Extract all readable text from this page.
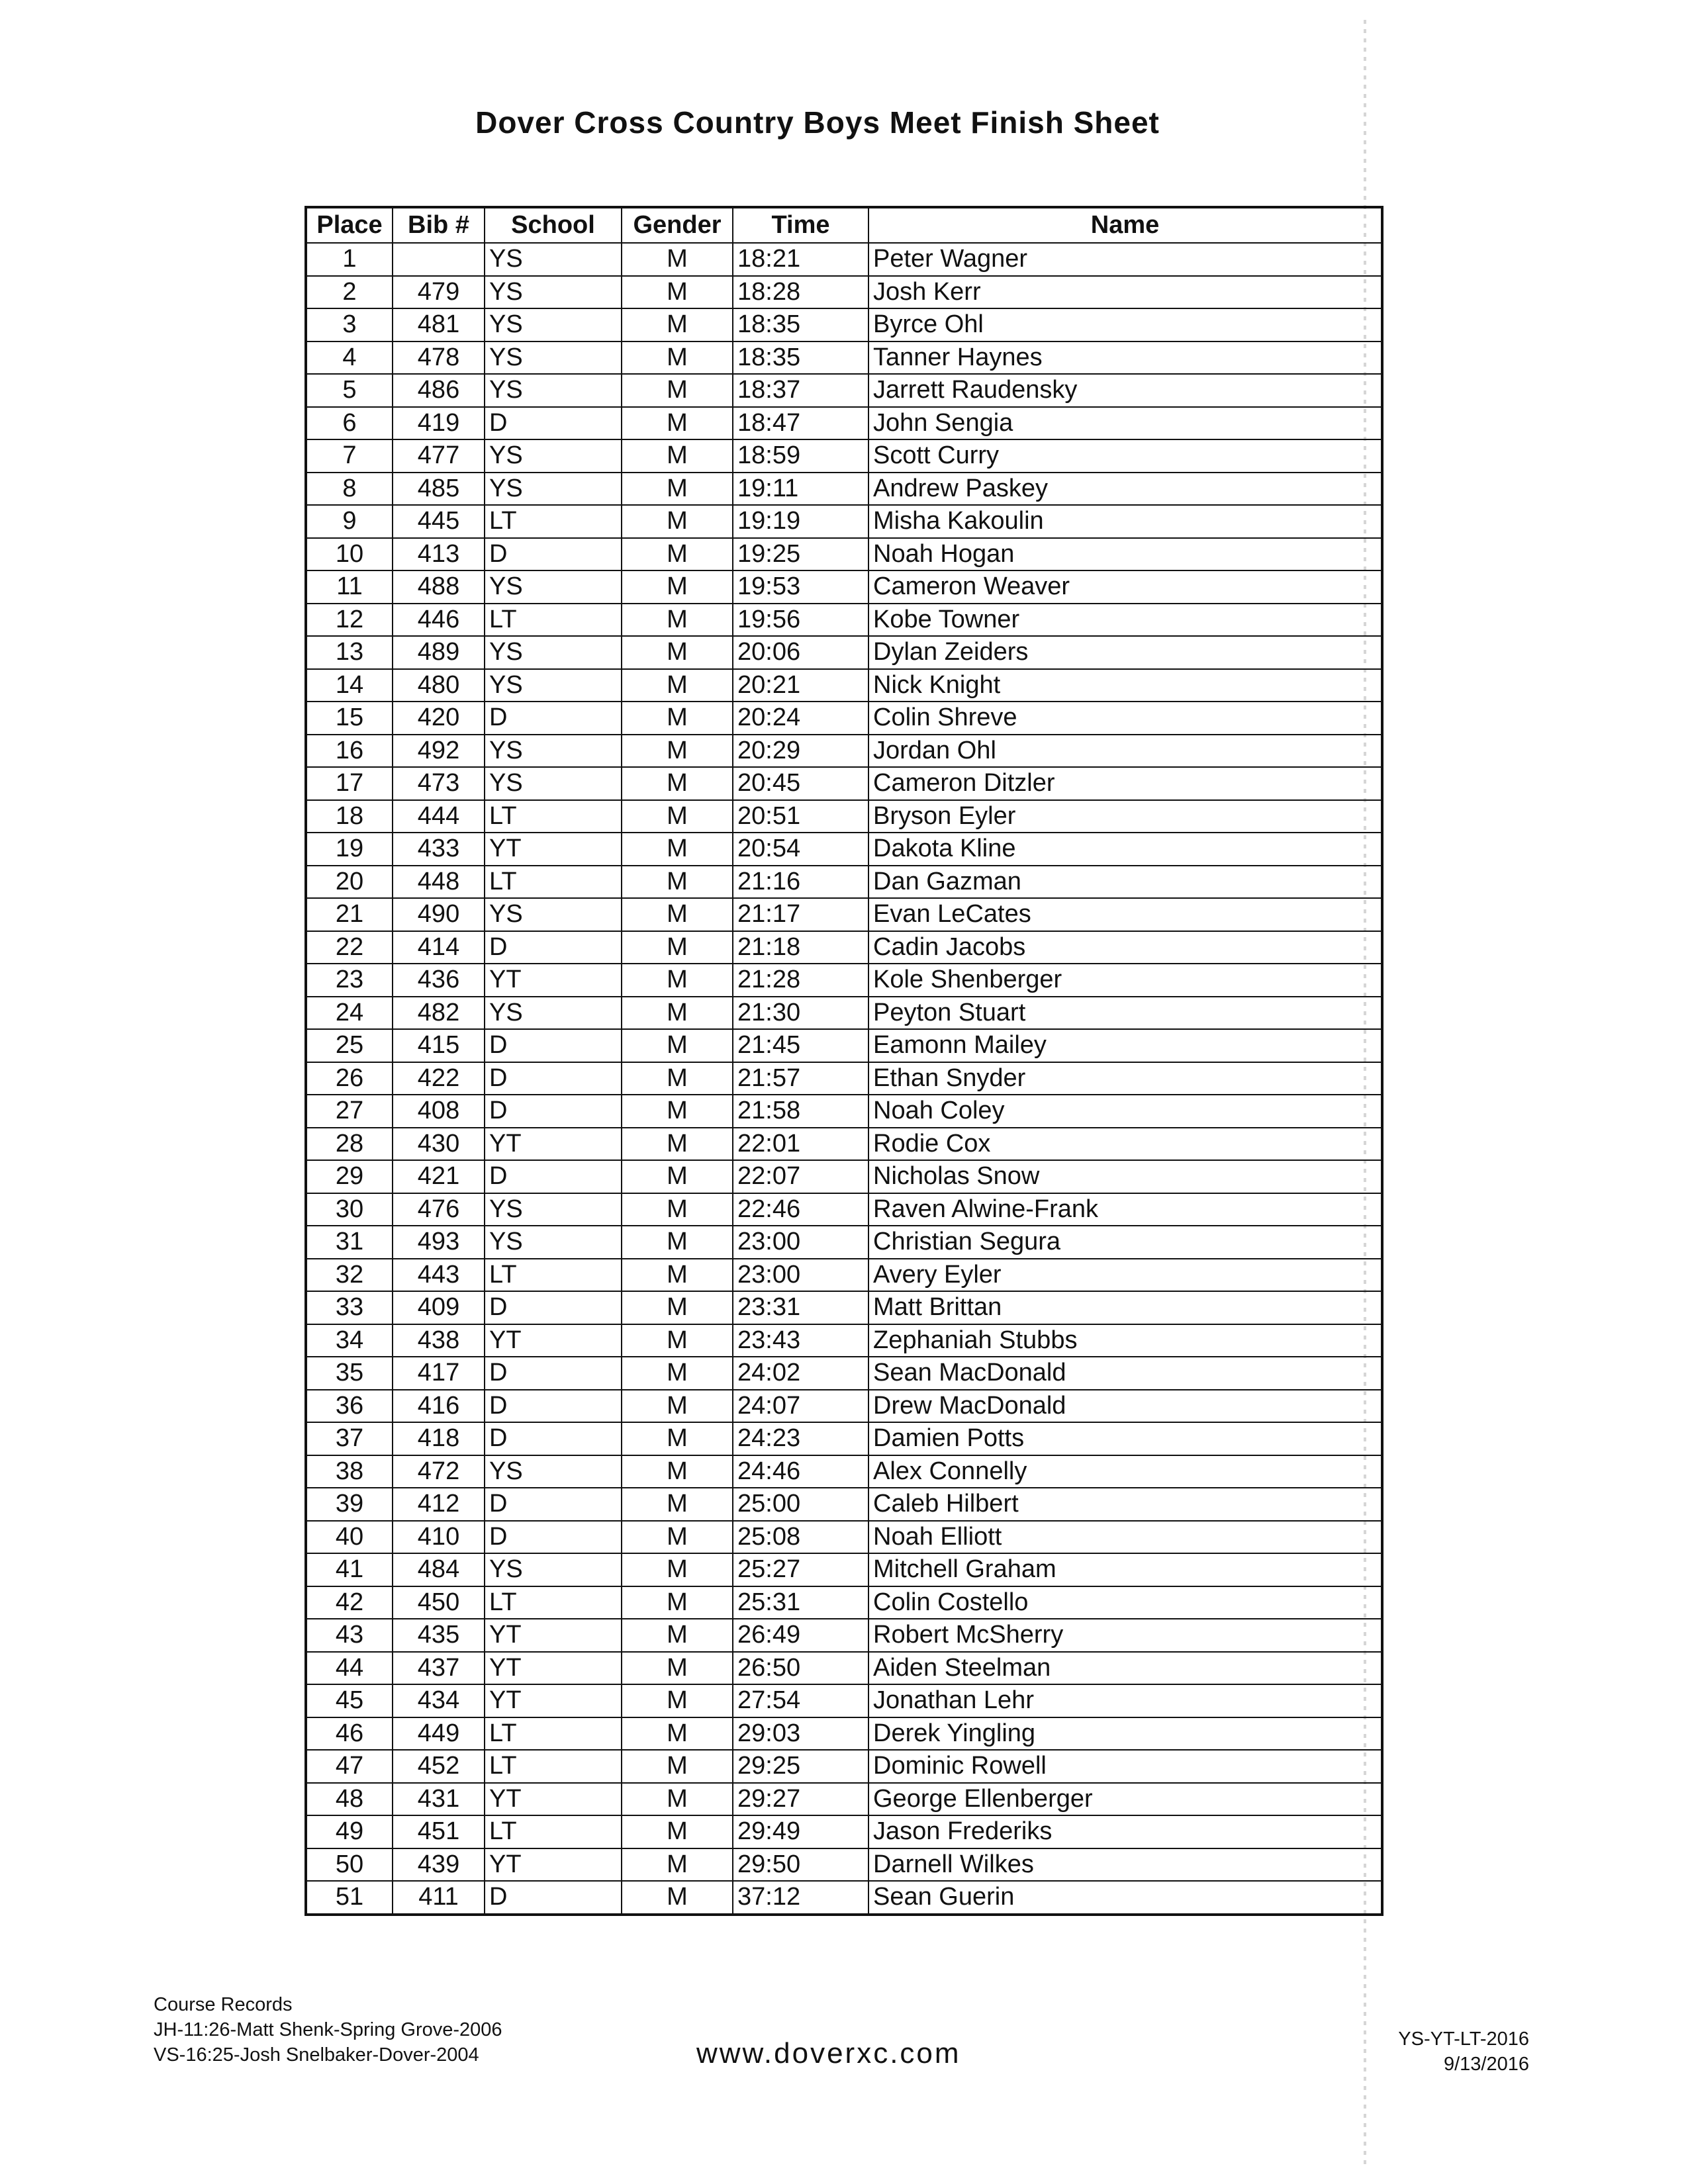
Dover Cross Country Boys Meet Finish Sheet
Place	Bib #	School	Gender	Time	Name
1		YS	M	18:21	Peter Wagner
2	479	YS	M	18:28	Josh Kerr
3	481	YS	M	18:35	Byrce Ohl
4	478	YS	M	18:35	Tanner Haynes
5	486	YS	M	18:37	Jarrett Raudensky
6	419	D	M	18:47	John Sengia
7	477	YS	M	18:59	Scott Curry
8	485	YS	M	19:11	Andrew Paskey
9	445	LT	M	19:19	Misha Kakoulin
10	413	D	M	19:25	Noah Hogan
11	488	YS	M	19:53	Cameron Weaver
12	446	LT	M	19:56	Kobe Towner
13	489	YS	M	20:06	Dylan Zeiders
14	480	YS	M	20:21	Nick Knight
15	420	D	M	20:24	Colin Shreve
16	492	YS	M	20:29	Jordan Ohl
17	473	YS	M	20:45	Cameron Ditzler
18	444	LT	M	20:51	Bryson Eyler
19	433	YT	M	20:54	Dakota Kline
20	448	LT	M	21:16	Dan Gazman
21	490	YS	M	21:17	Evan LeCates
22	414	D	M	21:18	Cadin Jacobs
23	436	YT	M	21:28	Kole Shenberger
24	482	YS	M	21:30	Peyton Stuart
25	415	D	M	21:45	Eamonn Mailey
26	422	D	M	21:57	Ethan Snyder
27	408	D	M	21:58	Noah Coley
28	430	YT	M	22:01	Rodie Cox
29	421	D	M	22:07	Nicholas Snow
30	476	YS	M	22:46	Raven Alwine-Frank
31	493	YS	M	23:00	Christian Segura
32	443	LT	M	23:00	Avery Eyler
33	409	D	M	23:31	Matt Brittan
34	438	YT	M	23:43	Zephaniah Stubbs
35	417	D	M	24:02	Sean MacDonald
36	416	D	M	24:07	Drew MacDonald
37	418	D	M	24:23	Damien Potts
38	472	YS	M	24:46	Alex Connelly
39	412	D	M	25:00	Caleb Hilbert
40	410	D	M	25:08	Noah Elliott
41	484	YS	M	25:27	Mitchell Graham
42	450	LT	M	25:31	Colin Costello
43	435	YT	M	26:49	Robert McSherry
44	437	YT	M	26:50	Aiden Steelman
45	434	YT	M	27:54	Jonathan Lehr
46	449	LT	M	29:03	Derek Yingling
47	452	LT	M	29:25	Dominic Rowell
48	431	YT	M	29:27	George Ellenberger
49	451	LT	M	29:49	Jason Frederiks
50	439	YT	M	29:50	Darnell Wilkes
51	411	D	M	37:12	Sean Guerin
Course Records
JH-11:26-Matt Shenk-Spring Grove-2006
VS-16:25-Josh Snelbaker-Dover-2004	www.doverxc.com	YS-YT-LT-2016
9/13/2016
